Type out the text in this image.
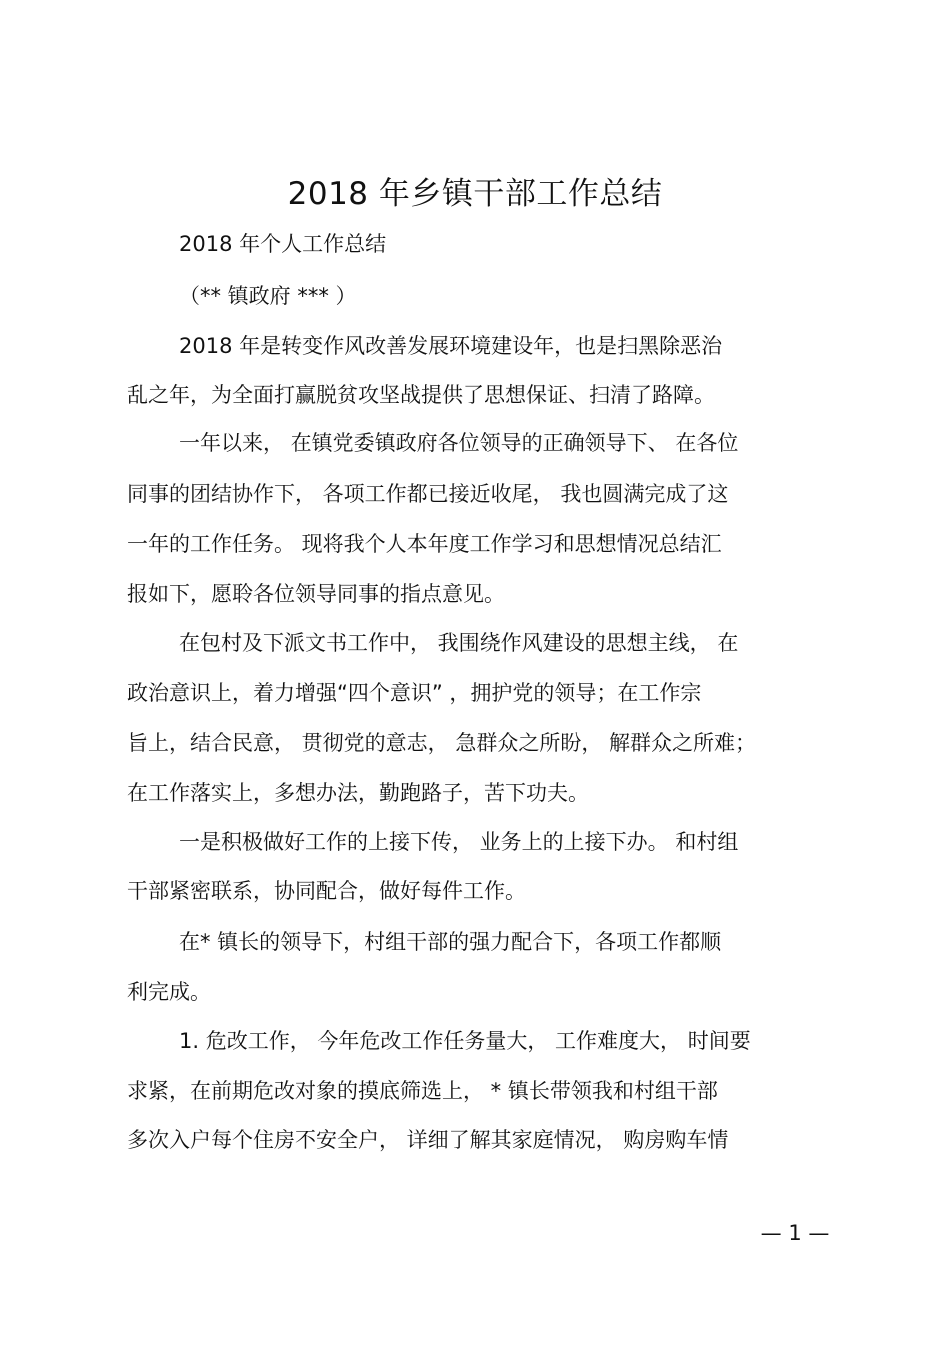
2018 年乡镇干部工作总结

2018 年个人工作总结

（** 镇政府 *** ）

2018 年是转变作风改善发展环境建设年，也是扫黑除恶治

乱之年，为全面打赢脱贫攻坚战提供了思想保证、扫清了路障。

一年以来， 在镇党委镇政府各位领导的正确领导下、 在各位

同事的团结协作下， 各项工作都已接近收尾， 我也圆满完成了这

一年的工作任务。 现将我个人本年度工作学习和思想情况总结汇

报如下，愿聆各位领导同事的指点意见。

在包村及下派文书工作中， 我围绕作风建设的思想主线， 在

政治意识上，着力增强“四个意识” ，拥护党的领导；在工作宗

旨上，结合民意， 贯彻党的意志， 急群众之所盼， 解群众之所难；

在工作落实上，多想办法，勤跑路子，苦下功夫。

一是积极做好工作的上接下传， 业务上的上接下办。 和村组

干部紧密联系，协同配合，做好每件工作。

在* 镇长的领导下，村组干部的强力配合下，各项工作都顺

利完成。

1. 危改工作， 今年危改工作任务量大， 工作难度大， 时间要

求紧，在前期危改对象的摸底筛选上， * 镇长带领我和村组干部

多次入户每个住房不安全户， 详细了解其家庭情况， 购房购车情

— 1 —
